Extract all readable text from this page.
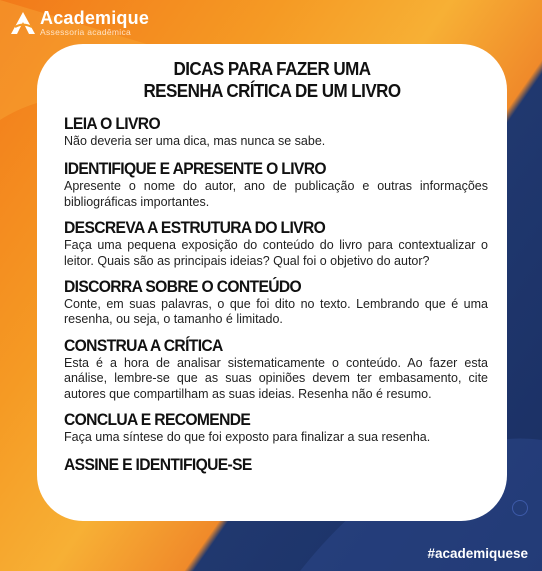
Academique
Assessoria acadêmica
DICAS PARA FAZER UMA
RESENHA CRÍTICA DE UM LIVRO
LEIA O LIVRO
Não deveria ser uma dica, mas nunca se sabe.
IDENTIFIQUE E APRESENTE O LIVRO
Apresente o nome do autor, ano de publicação e outras informações bibliográficas importantes.
DESCREVA A ESTRUTURA DO LIVRO
Faça uma pequena exposição do conteúdo do livro para contextualizar o leitor. Quais são as principais ideias? Qual foi o objetivo do autor?
DISCORRA SOBRE O CONTEÚDO
Conte, em suas palavras, o que foi dito no texto. Lembrando que é uma resenha, ou seja, o tamanho é limitado.
CONSTRUA A CRÍTICA
Esta é a hora de analisar sistematicamente o conteúdo. Ao fazer esta análise, lembre-se que as suas opiniões devem ter embasamento, cite autores que compartilham as suas ideias. Resenha não é resumo.
CONCLUA E RECOMENDE
Faça uma síntese do que foi exposto para finalizar a sua resenha.
ASSINE E IDENTIFIQUE-SE
#academiquese
